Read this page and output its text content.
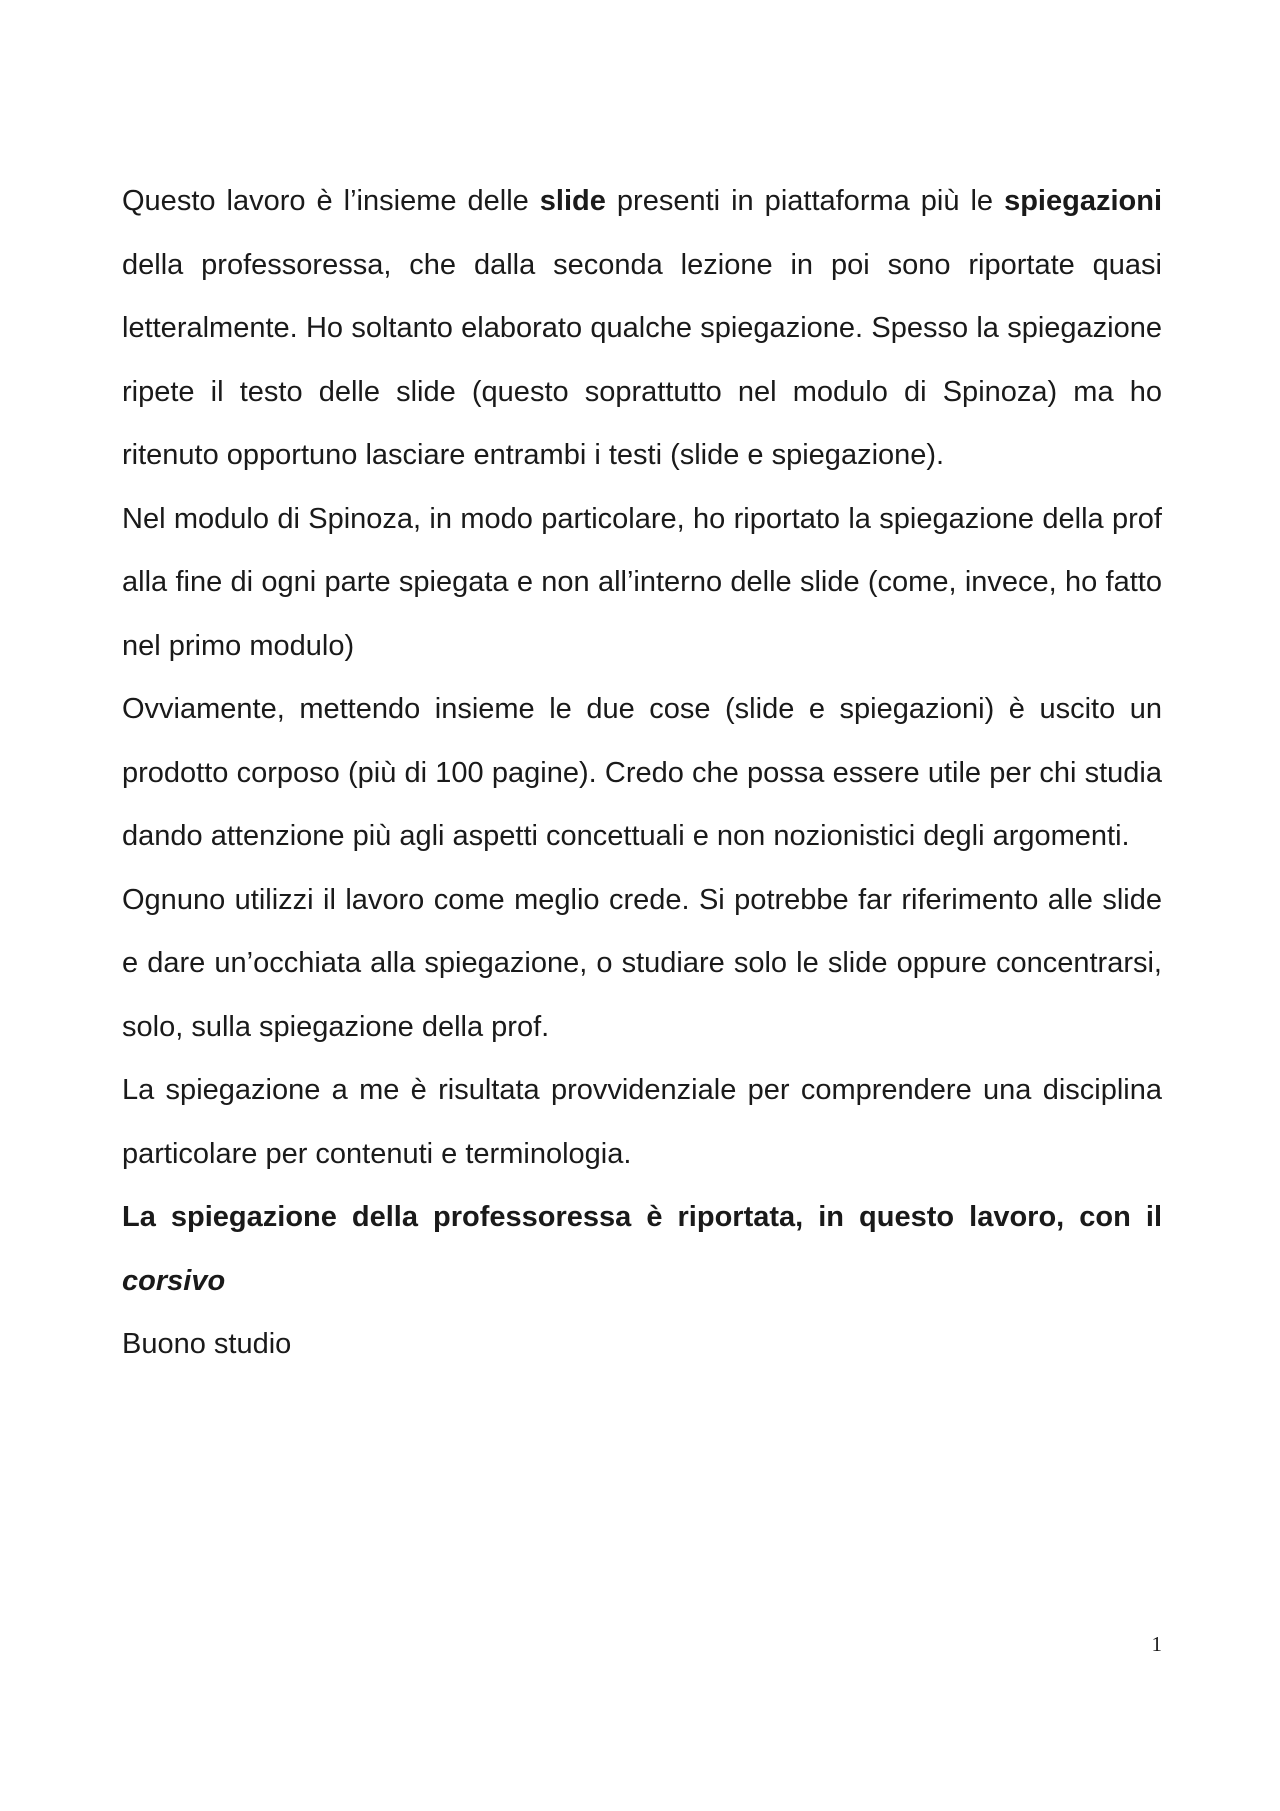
Questo lavoro è l’insieme delle slide presenti in piattaforma più le spiegazioni della professoressa, che dalla seconda lezione in poi sono riportate quasi letteralmente. Ho soltanto elaborato qualche spiegazione. Spesso la spiegazione ripete il testo delle slide (questo soprattutto nel modulo di Spinoza) ma ho ritenuto opportuno lasciare entrambi i testi (slide e spiegazione).

Nel modulo di Spinoza, in modo particolare, ho riportato la spiegazione della prof alla fine di ogni parte spiegata e non all’interno delle slide (come, invece, ho fatto nel primo modulo)

Ovviamente, mettendo insieme le due cose (slide e spiegazioni) è uscito un prodotto corposo (più di 100 pagine). Credo che possa essere utile per chi studia dando attenzione più agli aspetti concettuali e non nozionistici degli argomenti.

Ognuno utilizzi il lavoro come meglio crede. Si potrebbe far riferimento alle slide e dare un’occhiata alla spiegazione, o studiare solo le slide oppure concentrarsi, solo, sulla spiegazione della prof.

La spiegazione a me è risultata provvidenziale per comprendere una disciplina particolare per contenuti e terminologia.

La spiegazione della professoressa è riportata, in questo lavoro, con il corsivo

Buono studio

1
